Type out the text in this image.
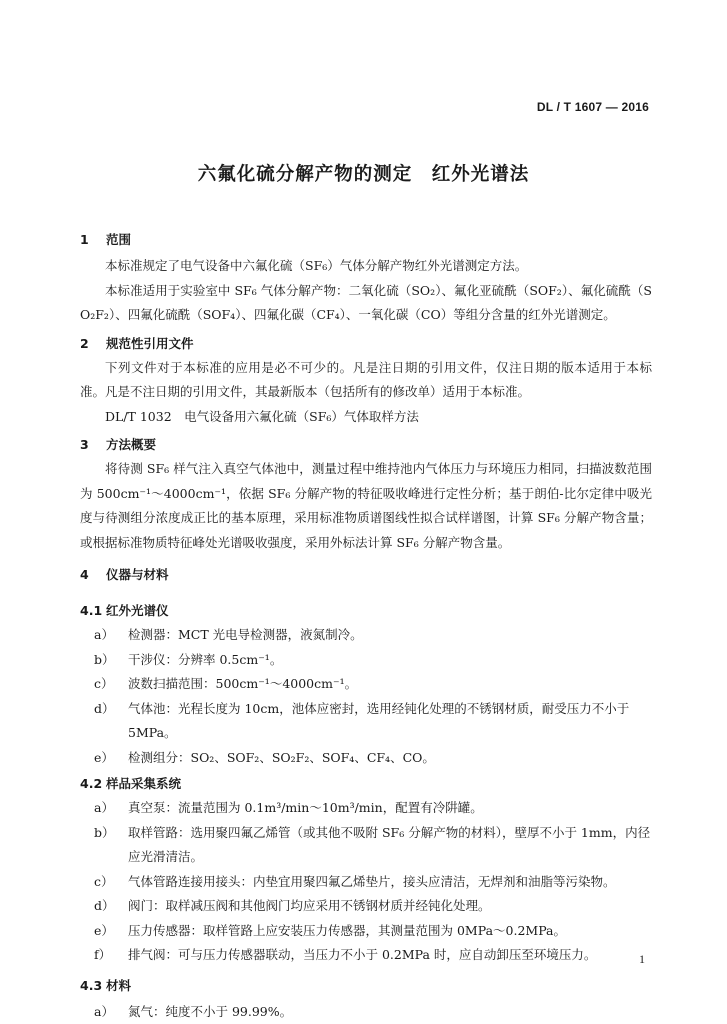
DL / T 1607 — 2016
六氟化硫分解产物的测定　红外光谱法
1 范围

本标准规定了电气设备中六氟化硫（SF₆）气体分解产物红外光谱测定方法。

本标准适用于实验室中 SF₆ 气体分解产物：二氧化硫（SO₂）、氟化亚硫酰（SOF₂）、氟化硫酰（SO₂F₂）、四氟化硫酰（SOF₄）、四氟化碳（CF₄）、一氧化碳（CO）等组分含量的红外光谱测定。

2 规范性引用文件

下列文件对于本标准的应用是必不可少的。凡是注日期的引用文件，仅注日期的版本适用于本标准。凡是不注日期的引用文件，其最新版本（包括所有的修改单）适用于本标准。

DL/T 1032　电气设备用六氟化硫（SF₆）气体取样方法

3 方法概要

将待测 SF₆ 样气注入真空气体池中，测量过程中维持池内气体压力与环境压力相同，扫描波数范围为 500cm⁻¹～4000cm⁻¹，依据 SF₆ 分解产物的特征吸收峰进行定性分析；基于朗伯-比尔定律中吸光度与待测组分浓度成正比的基本原理，采用标准物质谱图线性拟合试样谱图，计算 SF₆ 分解产物含量；或根据标准物质特征峰处光谱吸收强度，采用外标法计算 SF₆ 分解产物含量。

4 仪器与材料
4.1 红外光谱仪
a）	检测器：MCT 光电导检测器，液氮制冷。
b）	干涉仪：分辨率 0.5cm⁻¹。
c）	波数扫描范围：500cm⁻¹～4000cm⁻¹。
d）	气体池：光程长度为 10cm，池体应密封，选用经钝化处理的不锈钢材质，耐受压力不小于 5MPa。
e）	检测组分：SO₂、SOF₂、SO₂F₂、SOF₄、CF₄、CO。
4.2 样品采集系统
a）	真空泵：流量范围为 0.1m³/min～10m³/min，配置有冷阱罐。
b）	取样管路：选用聚四氟乙烯管（或其他不吸附 SF₆ 分解产物的材料），壁厚不小于 1mm，内径应光滑清洁。
c）	气体管路连接用接头：内垫宜用聚四氟乙烯垫片，接头应清洁，无焊剂和油脂等污染物。
d）	阀门：取样减压阀和其他阀门均应采用不锈钢材质并经钝化处理。
e）	压力传感器：取样管路上应安装压力传感器，其测量范围为 0MPa～0.2MPa。
f）	排气阀：可与压力传感器联动，当压力不小于 0.2MPa 时，应自动卸压至环境压力。
4.3 材料
a）	氮气：纯度不小于 99.99%。
1
